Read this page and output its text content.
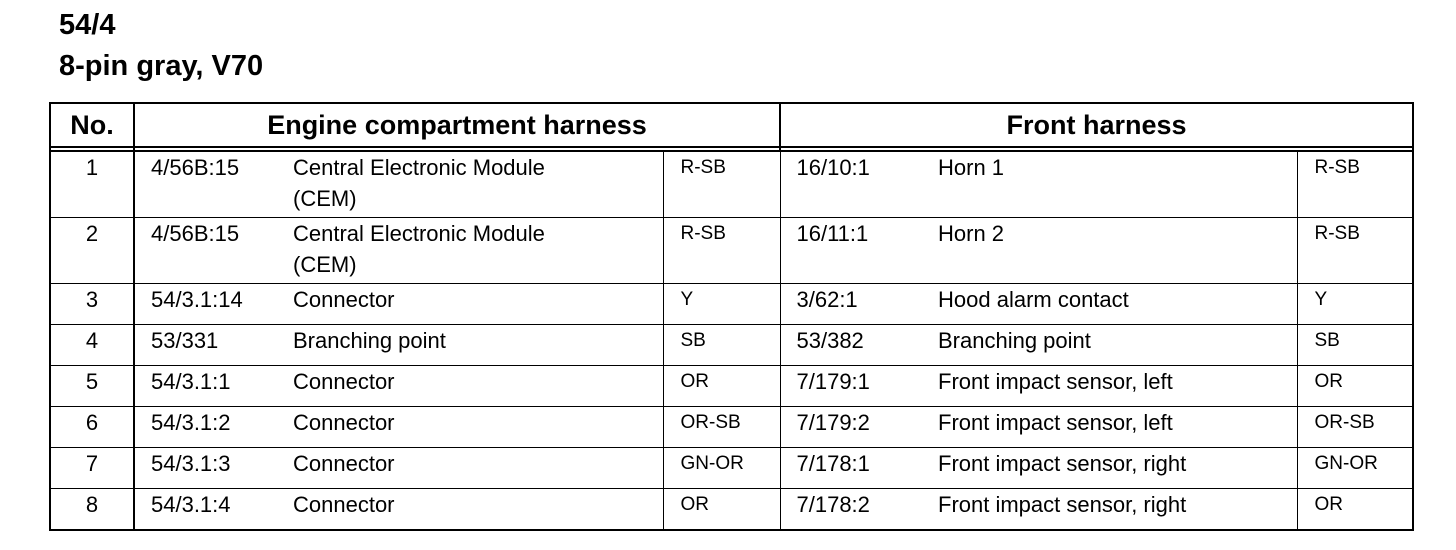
54/4
8-pin gray, V70
No.	Engine compartment harness			Front harness		

1	4/56B:15	Central Electronic Module (CEM)	R-SB	16/10:1	Horn 1	R-SB
2	4/56B:15	Central Electronic Module (CEM)	R-SB	16/11:1	Horn 2	R-SB
3	54/3.1:14	Connector	Y	3/62:1	Hood alarm contact	Y
4	53/331	Branching point	SB	53/382	Branching point	SB
5	54/3.1:1	Connector	OR	7/179:1	Front impact sensor, left	OR
6	54/3.1:2	Connector	OR-SB	7/179:2	Front impact sensor, left	OR-SB
7	54/3.1:3	Connector	GN-OR	7/178:1	Front impact sensor, right	GN-OR
8	54/3.1:4	Connector	OR	7/178:2	Front impact sensor, right	OR
